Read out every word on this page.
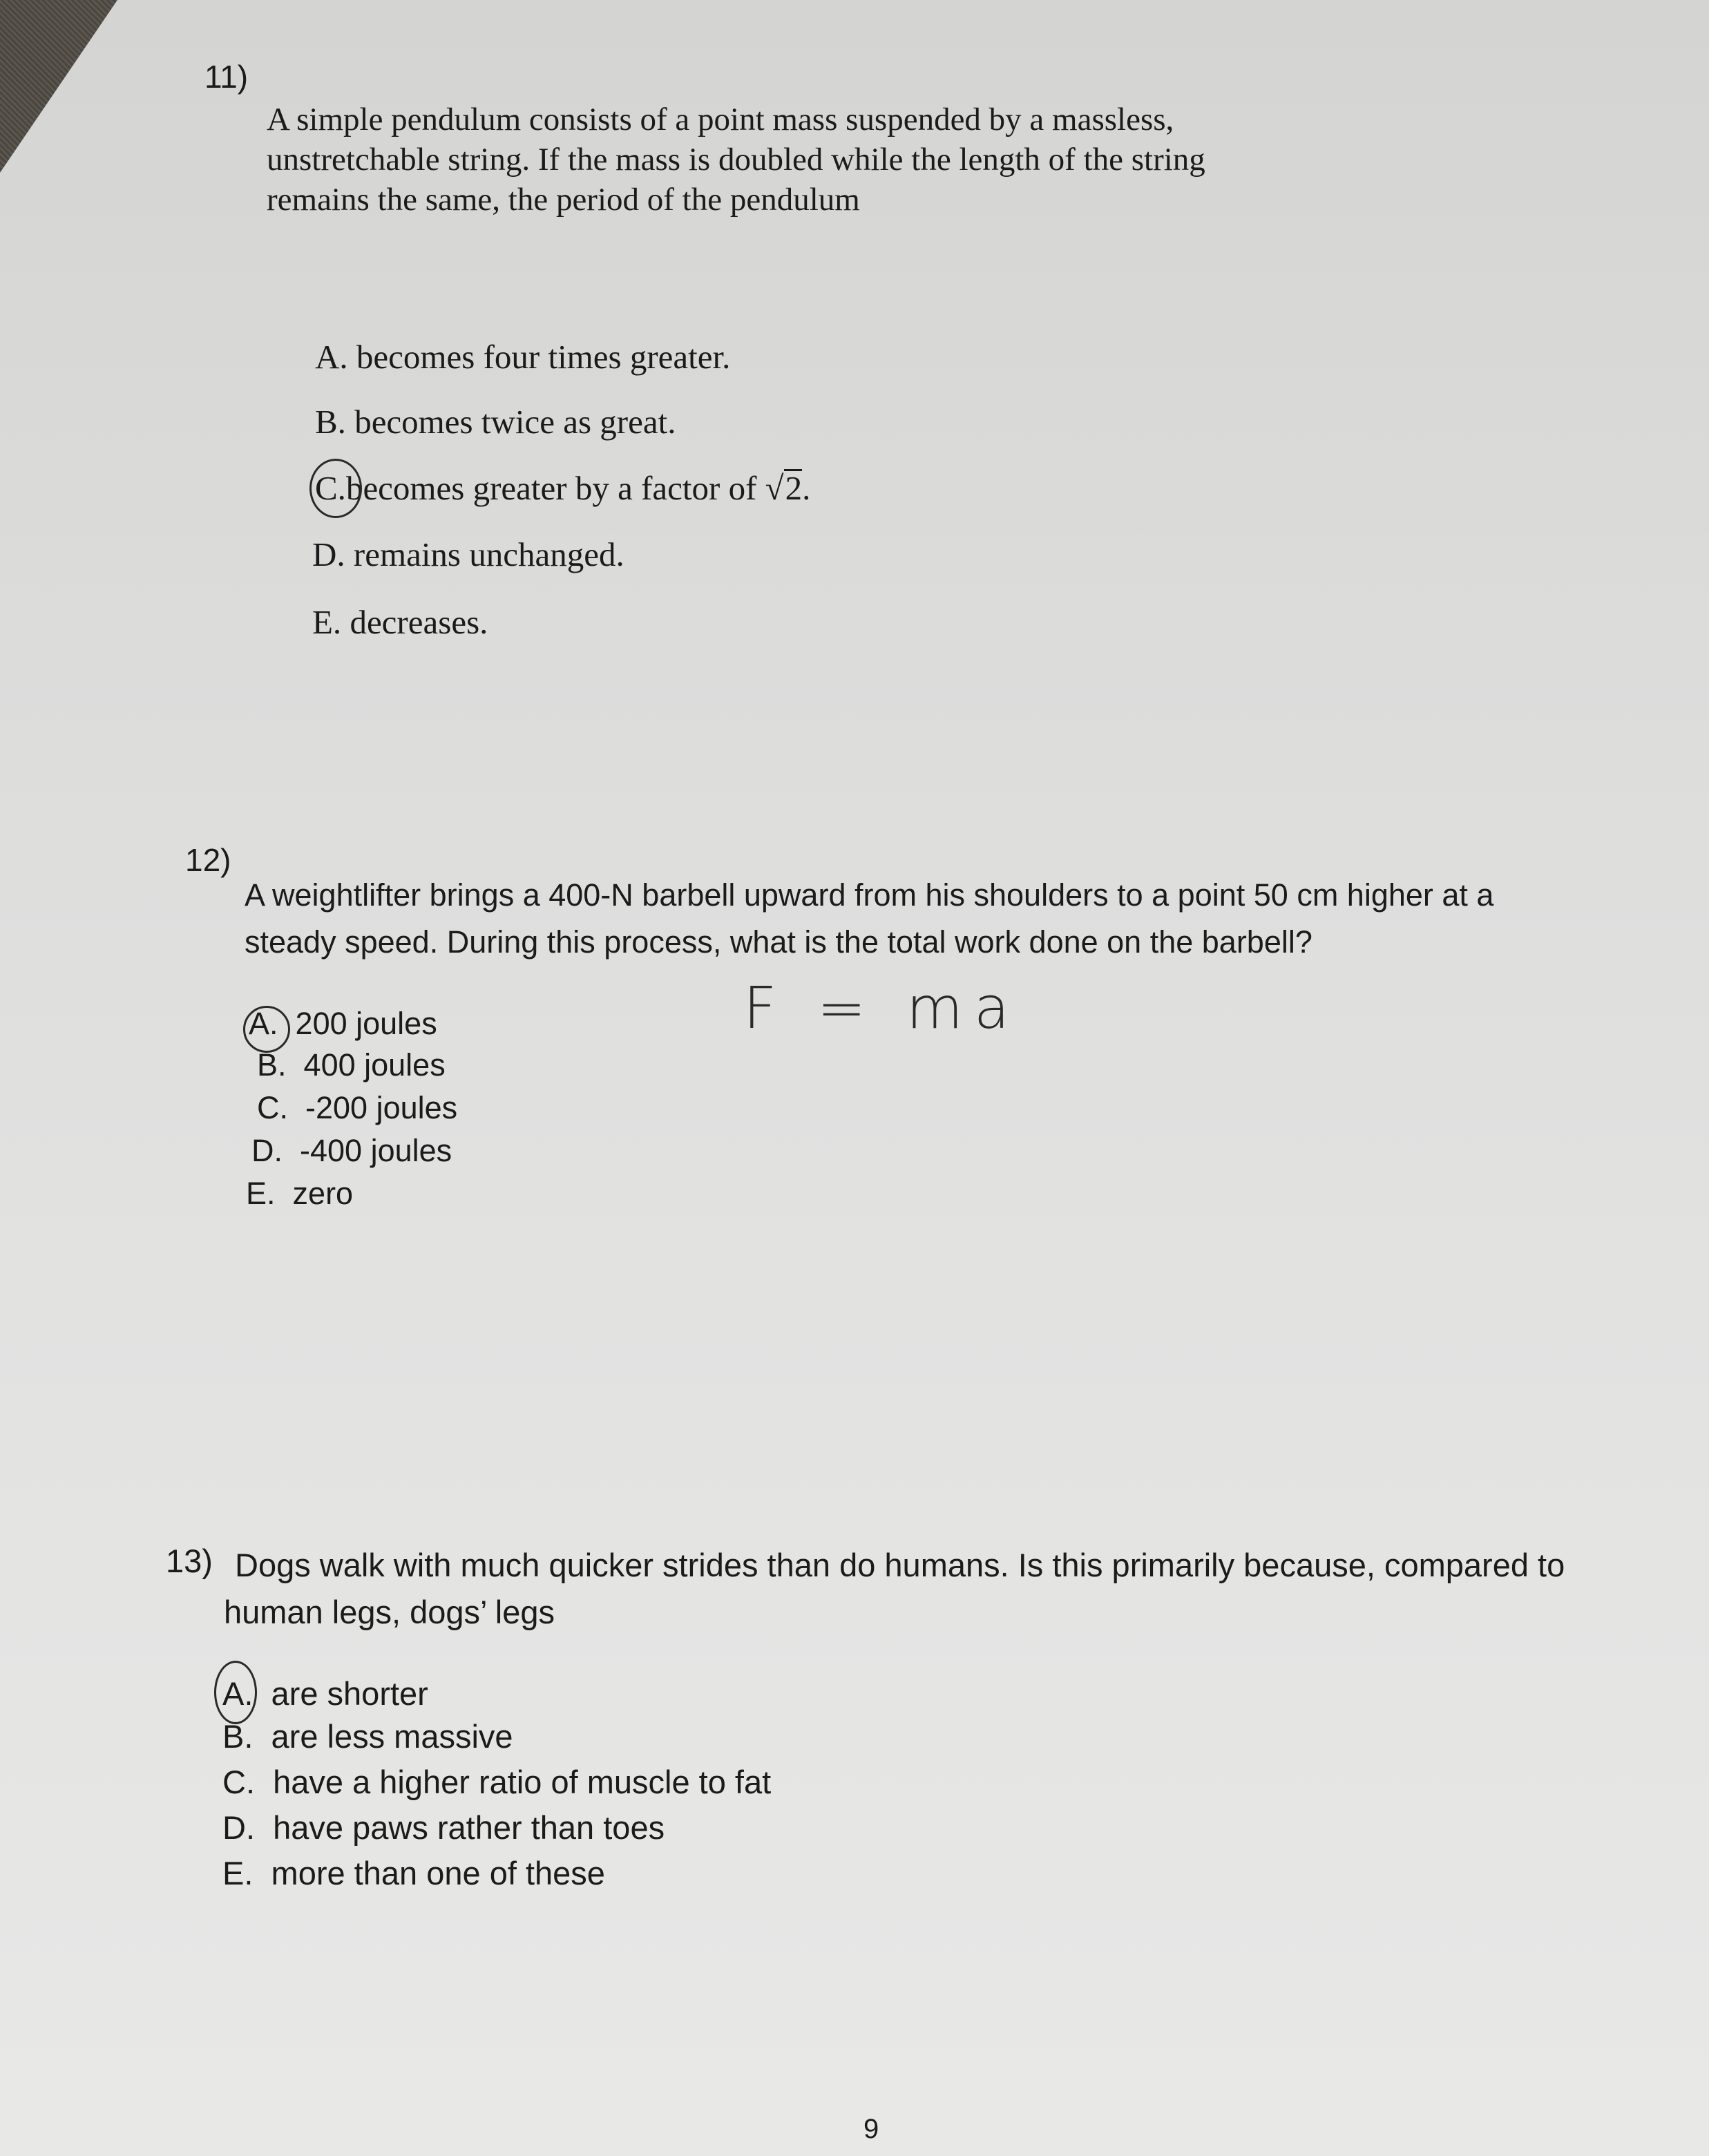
11)
A simple pendulum consists of a point mass suspended by a massless, unstretchable string. If the mass is doubled while the length of the string remains the same, the period of the pendulum
A. becomes four times greater.
B. becomes twice as great.
C.becomes greater by a factor of √2.
D. remains unchanged.
E. decreases.
12)
A weightlifter brings a 400-N barbell upward from his shoulders to a point 50 cm higher at a steady speed. During this process, what is the total work done on the barbell?
A. 200 joules
B. 400 joules
C. -200 joules
D. -400 joules
E. zero
F = ma
13) Dogs walk with much quicker strides than do humans. Is this primarily because, compared to human legs, dogs’ legs
A. are shorter
B. are less massive
C. have a higher ratio of muscle to fat
D. have paws rather than toes
E. more than one of these
9
